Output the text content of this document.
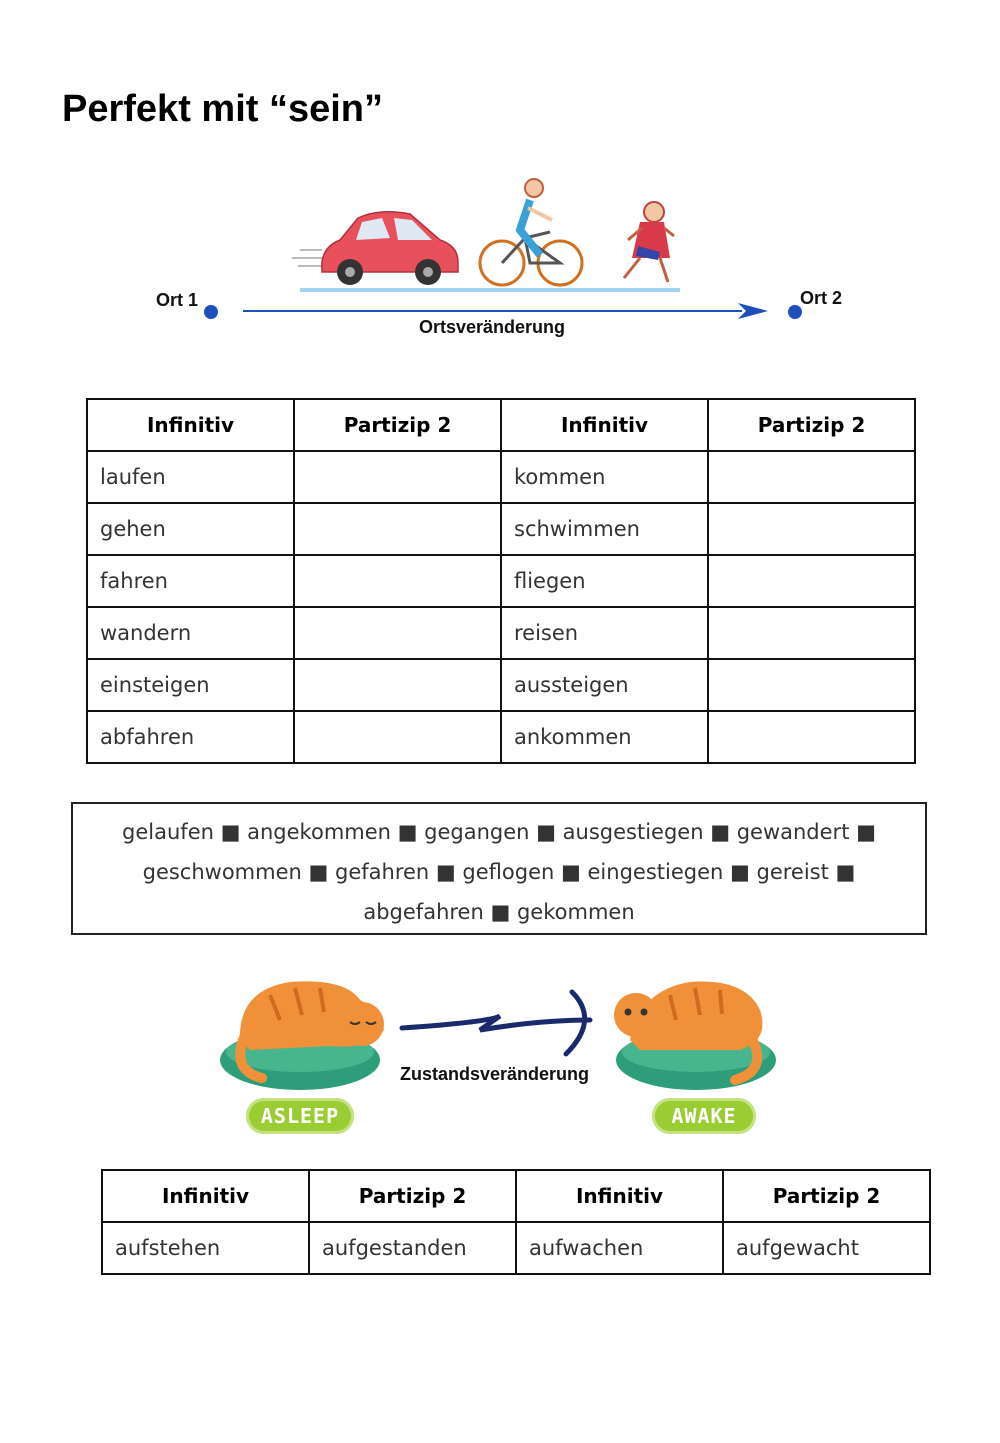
Perfekt mit “sein”
Ort 1	Ort 2
Ortsveränderung
Infinitiv	Partizip 2	Infinitiv	Partizip 2
laufen		kommen	
gehen		schwimmen	
fahren		fliegen	
wandern		reisen	
einsteigen		aussteigen	
abfahren		ankommen	
gelaufen ■ angekommen ■ gegangen ■ ausgestiegen ■ gewandert ■
geschwommen ■ gefahren ■ geflogen ■ eingestiegen ■ gereist ■
abgefahren ■ gekommen
Zustandsveränderung
ASLEEP	AWAKE
Infinitiv	Partizip 2	Infinitiv	Partizip 2
aufstehen	aufgestanden	aufwachen	aufgewacht
